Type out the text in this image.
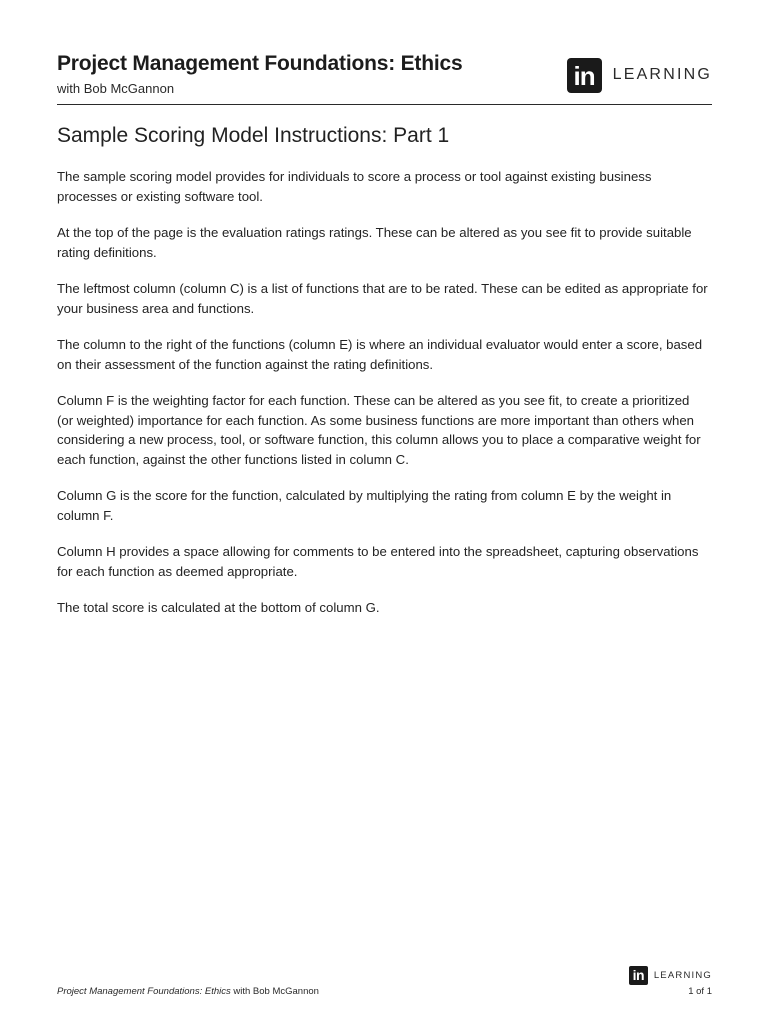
Project Management Foundations: Ethics
with Bob McGannon	in	LEARNING
Sample Scoring Model Instructions: Part 1

The sample scoring model provides for individuals to score a process or tool against existing business processes or existing software tool.

At the top of the page is the evaluation ratings ratings. These can be altered as you see fit to provide suitable rating definitions.

The leftmost column (column C) is a list of functions that are to be rated. These can be edited as appropriate for your business area and functions.

The column to the right of the functions (column E) is where an individual evaluator would enter a score, based on their assessment of the function against the rating definitions.

Column F is the weighting factor for each function. These can be altered as you see fit, to create a prioritized (or weighted) importance for each function. As some business functions are more important than others when considering a new process, tool, or software function, this column allows you to place a comparative weight for each function, against the other functions listed in column C.

Column G is the score for the function, calculated by multiplying the rating from column E by the weight in column F.

Column H provides a space allowing for comments to be entered into the spreadsheet, capturing observations for each function as deemed appropriate.

The total score is calculated at the bottom of column G.

Project Management Foundations: Ethics with Bob McGannon
in	LEARNING
1 of 1
